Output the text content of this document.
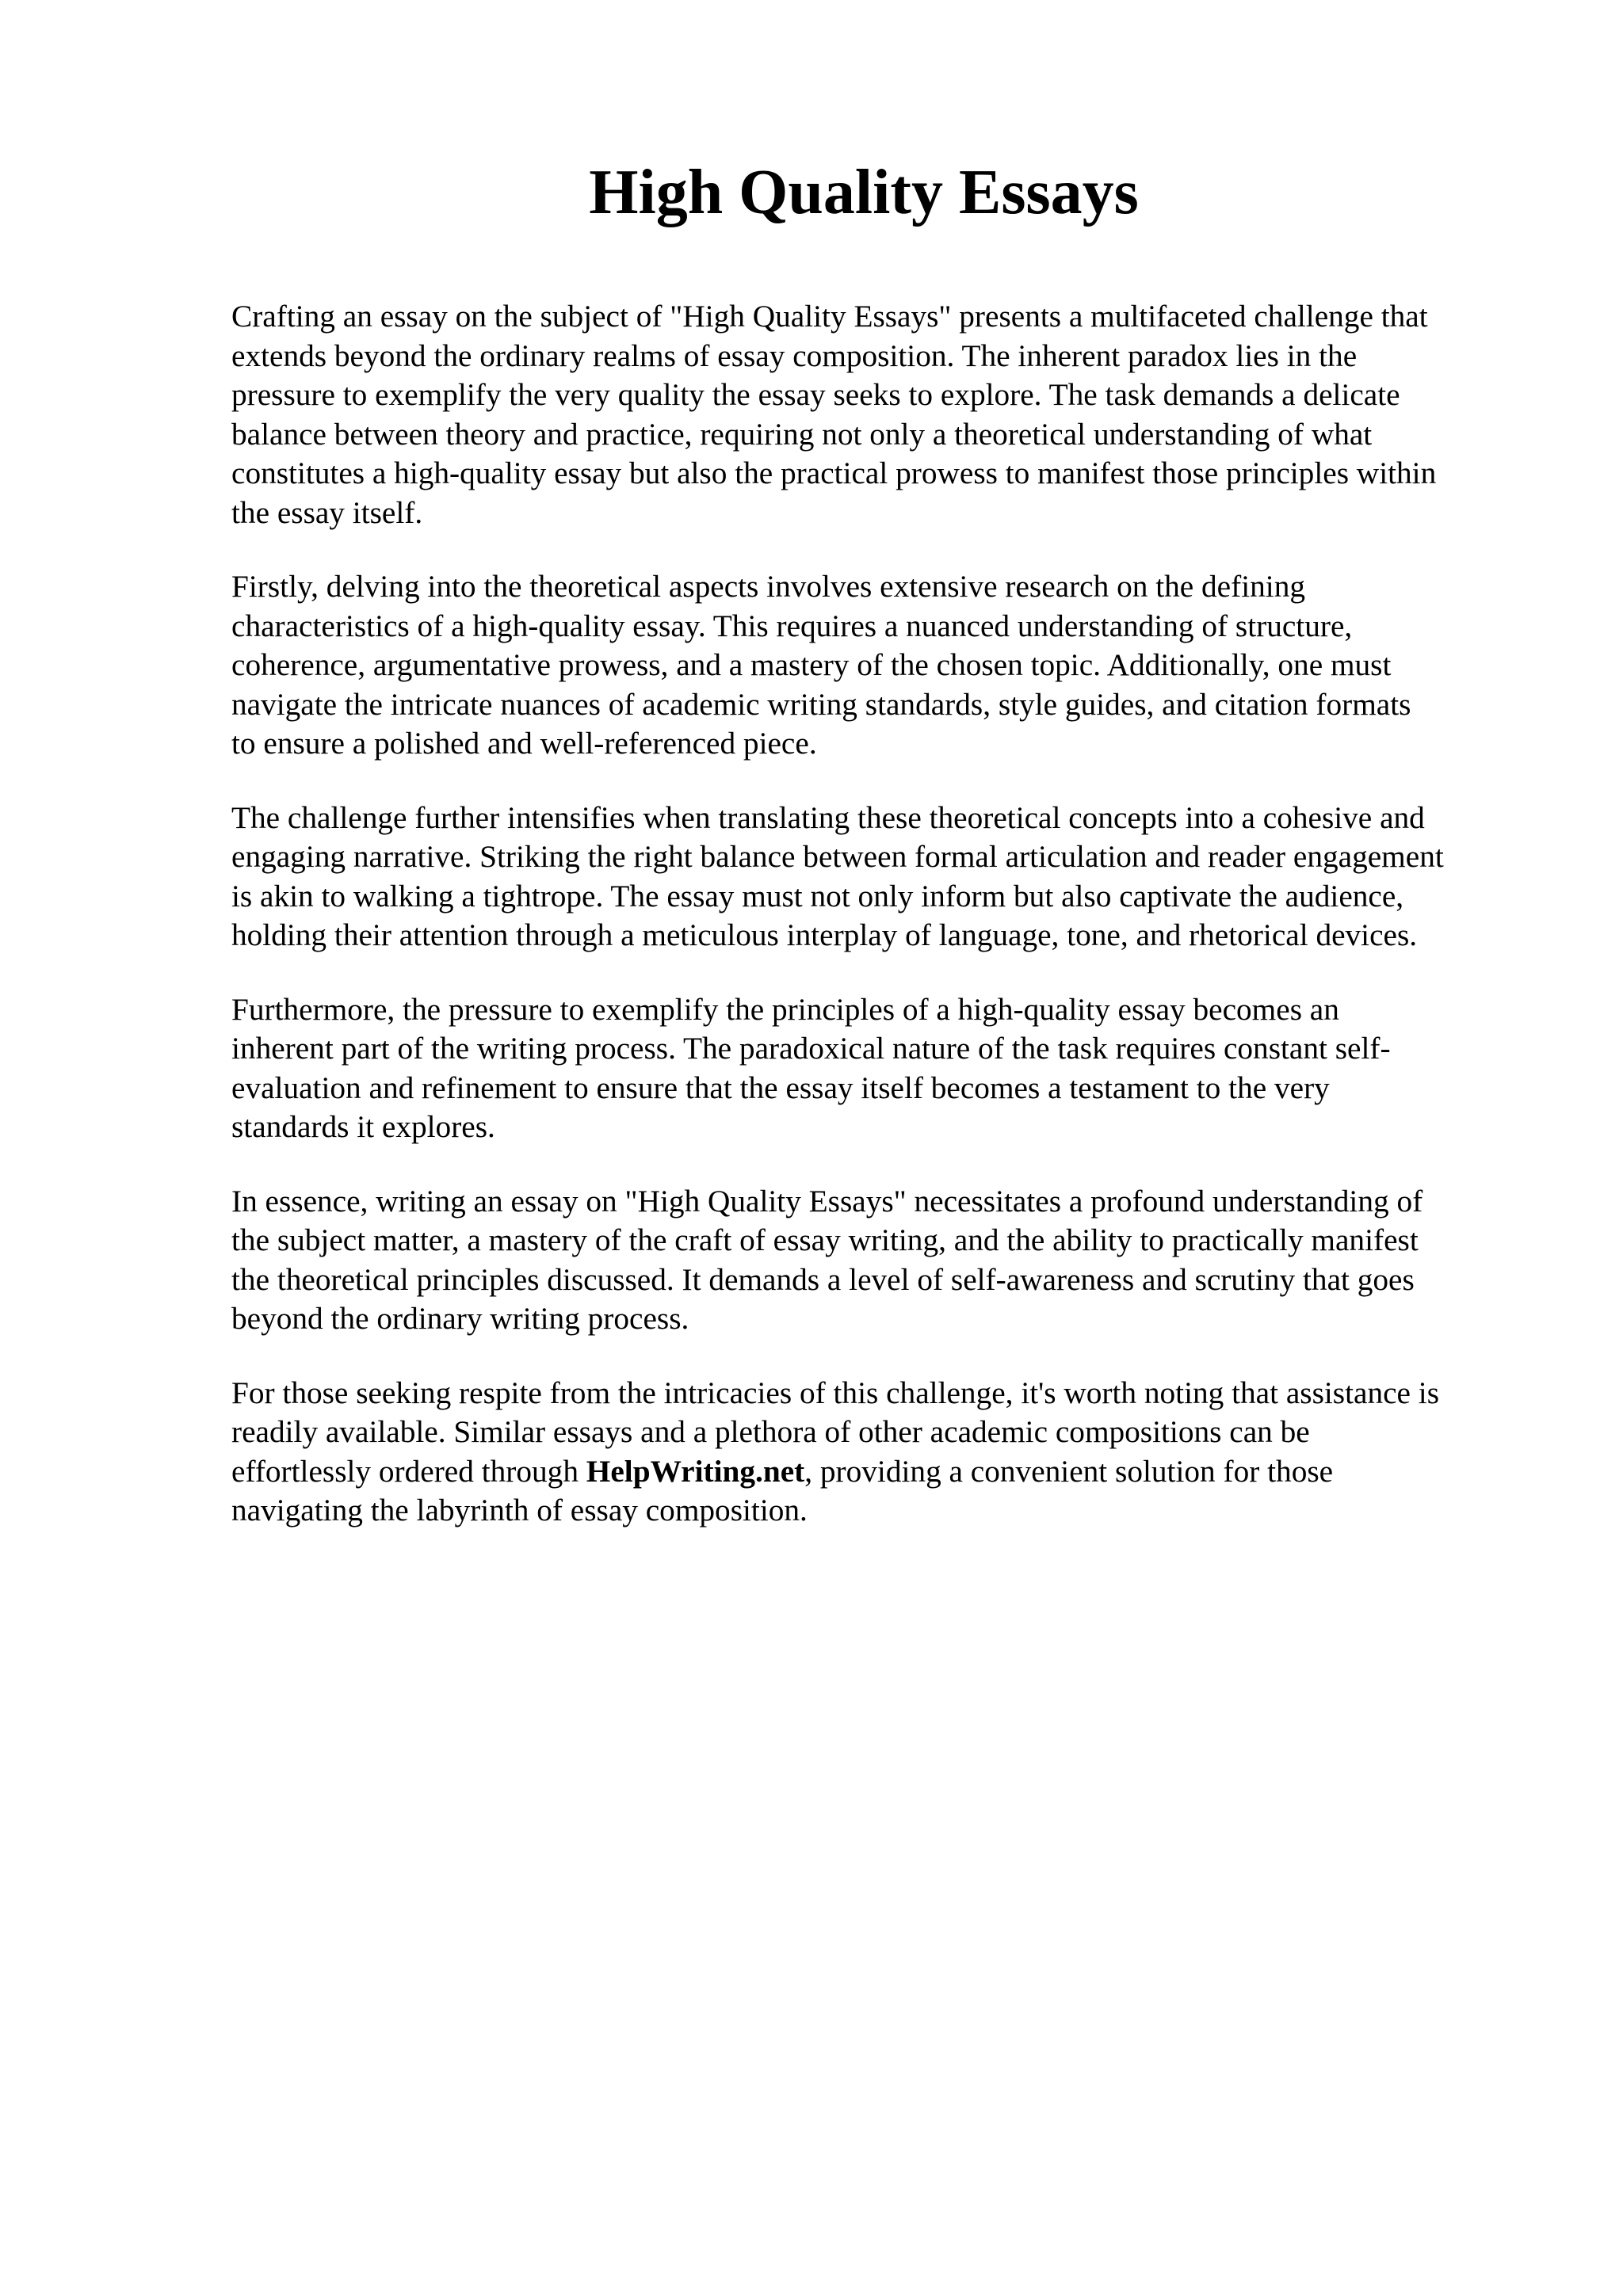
High Quality Essays

Crafting an essay on the subject of "High Quality Essays" presents a multifaceted challenge that
extends beyond the ordinary realms of essay composition. The inherent paradox lies in the
pressure to exemplify the very quality the essay seeks to explore. The task demands a delicate
balance between theory and practice, requiring not only a theoretical understanding of what
constitutes a high-quality essay but also the practical prowess to manifest those principles within
the essay itself.

Firstly, delving into the theoretical aspects involves extensive research on the defining
characteristics of a high-quality essay. This requires a nuanced understanding of structure,
coherence, argumentative prowess, and a mastery of the chosen topic. Additionally, one must
navigate the intricate nuances of academic writing standards, style guides, and citation formats
to ensure a polished and well-referenced piece.

The challenge further intensifies when translating these theoretical concepts into a cohesive and
engaging narrative. Striking the right balance between formal articulation and reader engagement
is akin to walking a tightrope. The essay must not only inform but also captivate the audience,
holding their attention through a meticulous interplay of language, tone, and rhetorical devices.

Furthermore, the pressure to exemplify the principles of a high-quality essay becomes an
inherent part of the writing process. The paradoxical nature of the task requires constant self-
evaluation and refinement to ensure that the essay itself becomes a testament to the very
standards it explores.

In essence, writing an essay on "High Quality Essays" necessitates a profound understanding of
the subject matter, a mastery of the craft of essay writing, and the ability to practically manifest
the theoretical principles discussed. It demands a level of self-awareness and scrutiny that goes
beyond the ordinary writing process.

For those seeking respite from the intricacies of this challenge, it's worth noting that assistance is
readily available. Similar essays and a plethora of other academic compositions can be
effortlessly ordered through HelpWriting.net, providing a convenient solution for those
navigating the labyrinth of essay composition.
